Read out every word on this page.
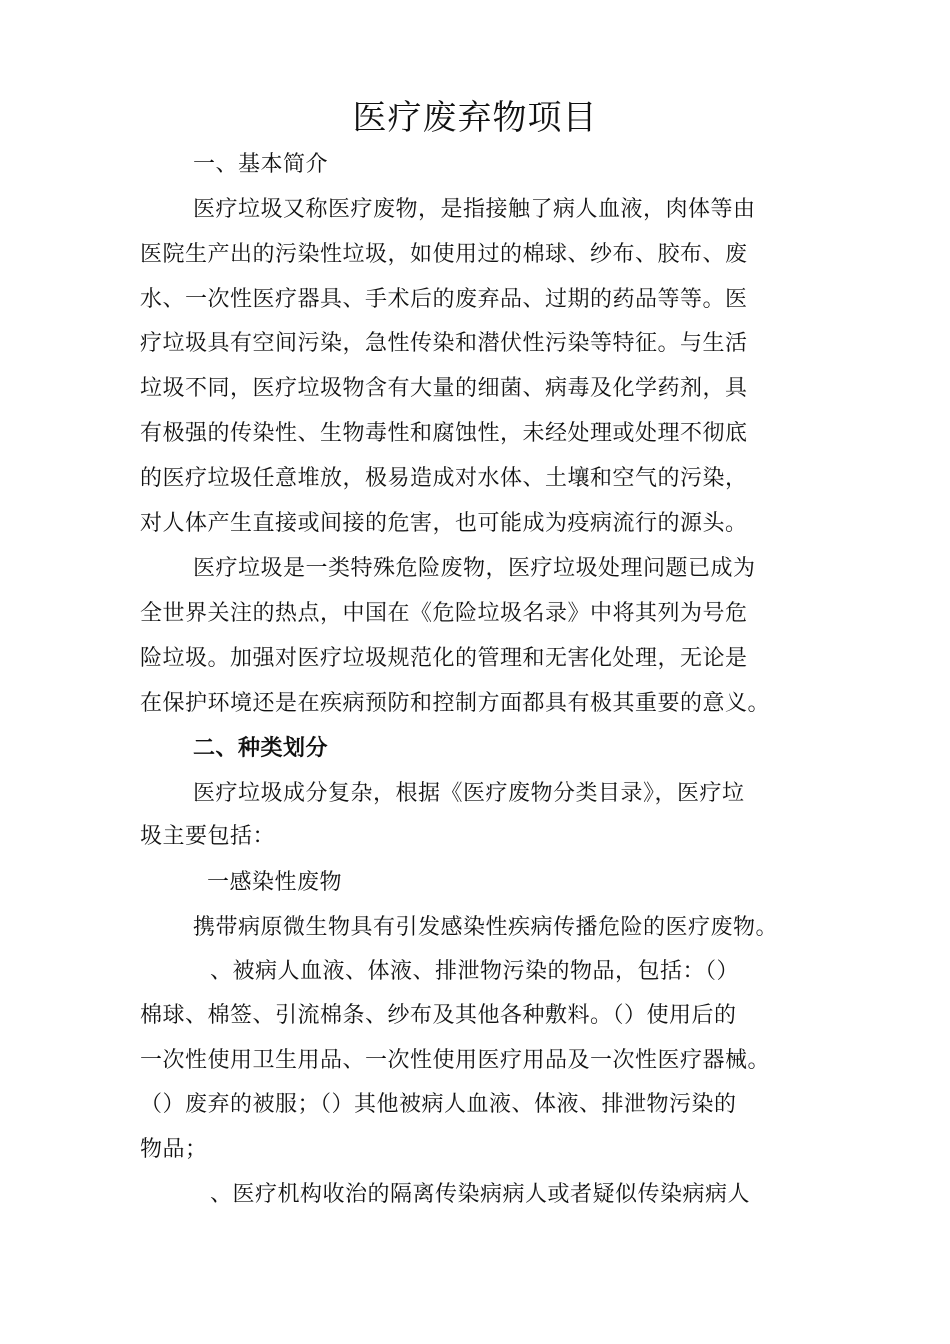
医疗废弃物项目
一、基本简介
医疗垃圾又称医疗废物，是指接触了病人血液，肉体等由
医院生产出的污染性垃圾，如使用过的棉球、纱布、胶布、废
水、一次性医疗器具、手术后的废弃品、过期的药品等等。医
疗垃圾具有空间污染，急性传染和潜伏性污染等特征。与生活
垃圾不同，医疗垃圾物含有大量的细菌、病毒及化学药剂，具
有极强的传染性、生物毒性和腐蚀性，未经处理或处理不彻底
的医疗垃圾任意堆放，极易造成对水体、土壤和空气的污染，
对人体产生直接或间接的危害，也可能成为疫病流行的源头。
医疗垃圾是一类特殊危险废物，医疗垃圾处理问题已成为
全世界关注的热点，中国在《危险垃圾名录》中将其列为号危
险垃圾。加强对医疗垃圾规范化的管理和无害化处理，无论是
在保护环境还是在疾病预防和控制方面都具有极其重要的意义。
二、种类划分
医疗垃圾成分复杂，根据《医疗废物分类目录》，医疗垃
圾主要包括：
一感染性废物
携带病原微生物具有引发感染性疾病传播危险的医疗废物。
、被病人血液、体液、排泄物污染的物品，包括：（）
棉球、棉签、引流棉条、纱布及其他各种敷料。（）使用后的
一次性使用卫生用品、一次性使用医疗用品及一次性医疗器械。
（）废弃的被服；（）其他被病人血液、体液、排泄物污染的
物品；
、医疗机构收治的隔离传染病病人或者疑似传染病病人
